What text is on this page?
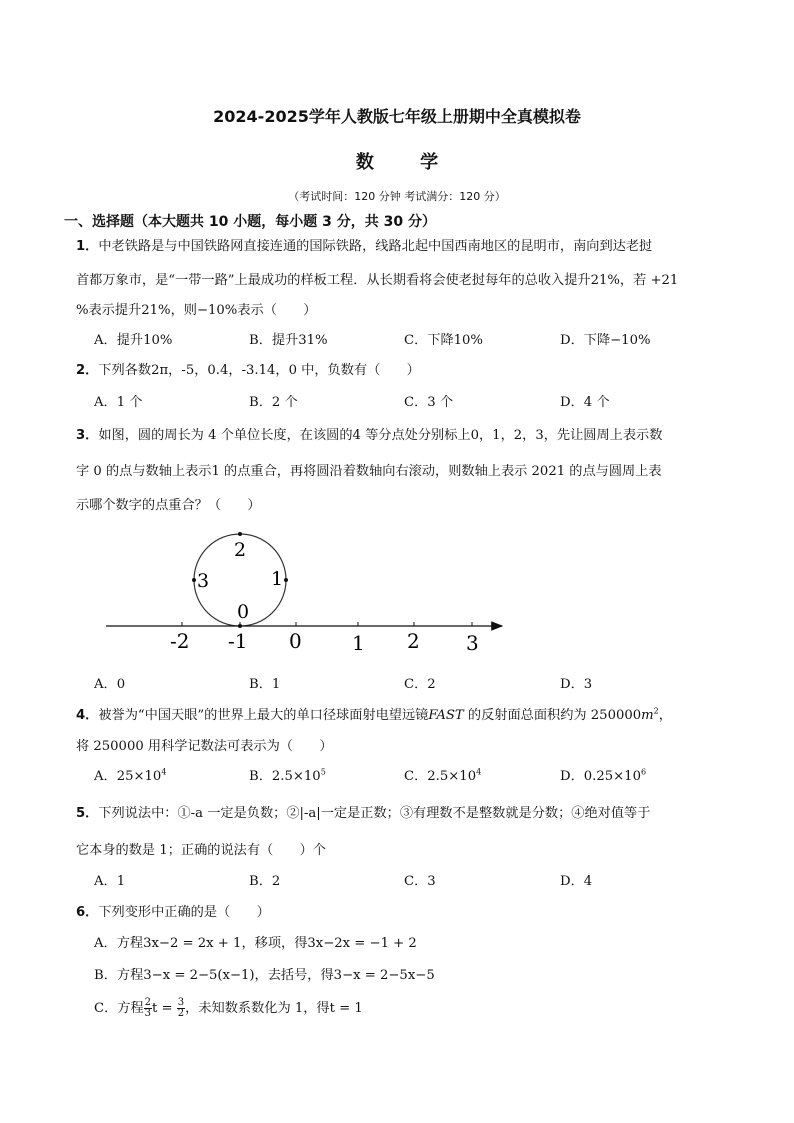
2024-2025学年人教版七年级上册期中全真模拟卷
数 学
（考试时间：120 分钟 考试满分：120 分）
一、选择题（本大题共 10 小题，每小题 3 分，共 30 分）
1．中老铁路是与中国铁路网直接连通的国际铁路，线路北起中国西南地区的昆明市，南向到达老挝
首都万象市，是“一带一路”上最成功的样板工程．从长期看将会使老挝每年的总收入提升21%，若 +21
%表示提升21%，则−10%表示（　　）
A．提升10%	B．提升31%	C．下降10%	D．下降−10%
2．下列各数2π，-5，0.4，-3.14，0 中，负数有（　　）
A．1 个	B．2 个	C．3 个	D．4 个
3．如图，圆的周长为 4 个单位长度，在该圆的4 等分点处分别标上0，1，2，3，先让圆周上表示数
字 0 的点与数轴上表示1 的点重合，再将圆沿着数轴向右滚动，则数轴上表示 2021 的点与圆周上表
示哪个数字的点重合？（　　）
2
3	1
0
-2 -1 0	1 2 3
A．0	B．1	C．2	D．3
4．被誉为“中国天眼”的世界上最大的单口径球面射电望远镜FAST 的反射面总面积约为 $250000m^2$，
将 250000 用科学记数法可表示为（　　）
A．$25\times 10^4$	B．$2.5\times 10^5$	C．$2.5\times 10^4$	D．$0.25\times 10^6$
5．下列说法中：①-a 一定是负数；②|-a|一定是正数；③有理数不是整数就是分数；④绝对值等于
它本身的数是 1；正确的说法有（　　）个
A．1	B．2	C．3	D．4
6．下列变形中正确的是（　　）
A．方程3x−2 = 2x + 1，移项，得3x−2x = −1 + 2
B．方程3−x = 2−5(x−1)，去括号，得3−x = 2−5x−5
C．方程 $\frac{2}{3}$ $t = \frac{3}{2}$ ，未知数系数化为 1，得t = 1
